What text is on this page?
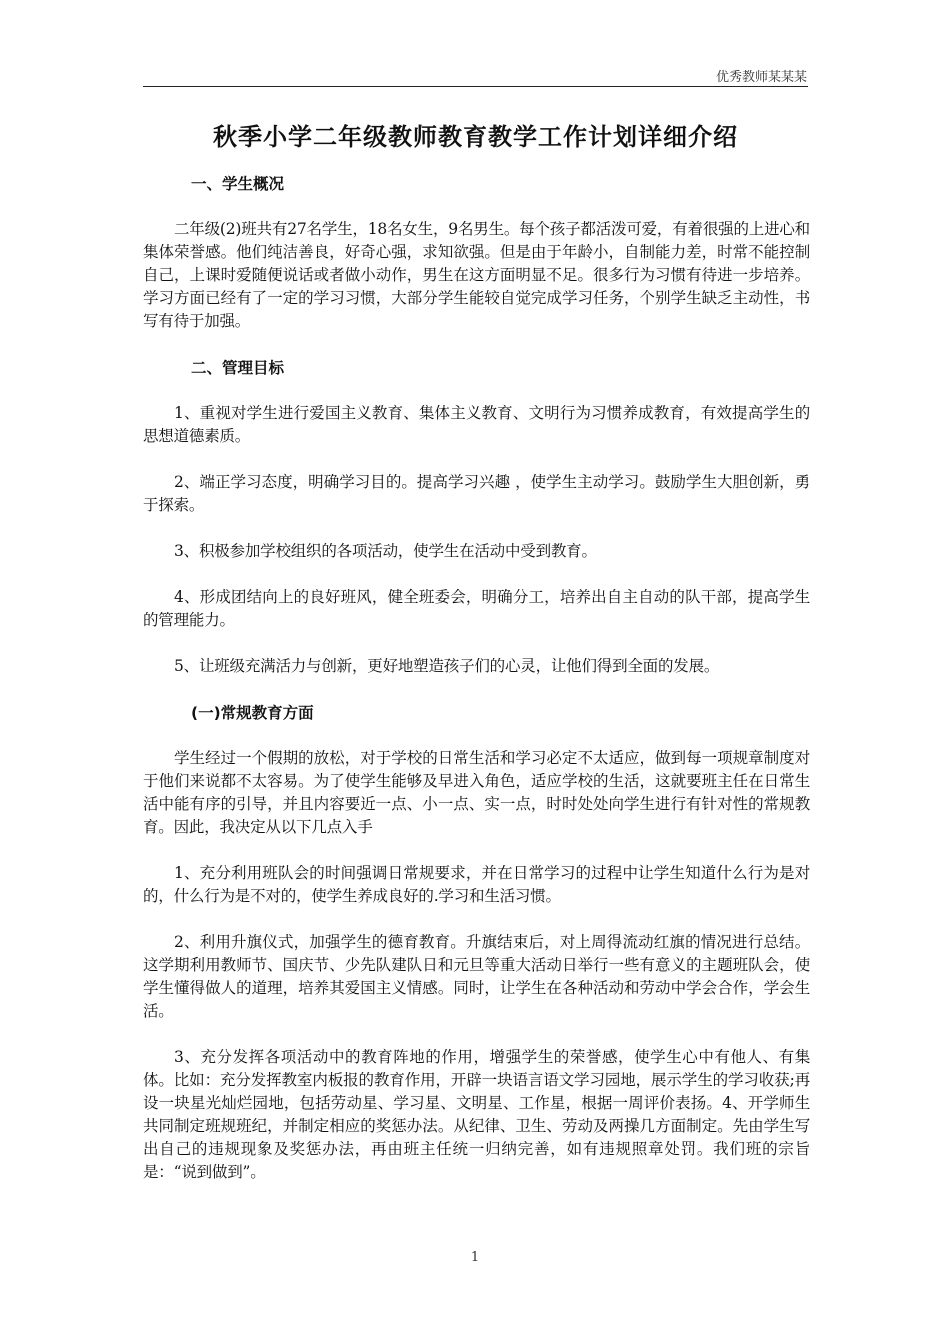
优秀教师某某某
秋季小学二年级教师教育教学工作计划详细介绍
一、学生概况

二年级(2)班共有27名学生，18名女生，9名男生。每个孩子都活泼可爱，有着很强的上进心和集体荣誉感。他们纯洁善良，好奇心强，求知欲强。但是由于年龄小，自制能力差，时常不能控制自己，上课时爱随便说话或者做小动作，男生在这方面明显不足。很多行为习惯有待进一步培养。学习方面已经有了一定的学习习惯，大部分学生能较自觉完成学习任务，个别学生缺乏主动性，书写有待于加强。

二、管理目标

1、重视对学生进行爱国主义教育、集体主义教育、文明行为习惯养成教育，有效提高学生的思想道德素质。

2、端正学习态度，明确学习目的。提高学习兴趣 ，使学生主动学习。鼓励学生大胆创新，勇于探索。

3、积极参加学校组织的各项活动，使学生在活动中受到教育。

4、形成团结向上的良好班风，健全班委会，明确分工，培养出自主自动的队干部，提高学生的管理能力。

5、让班级充满活力与创新，更好地塑造孩子们的心灵，让他们得到全面的发展。

(一)常规教育方面

学生经过一个假期的放松，对于学校的日常生活和学习必定不太适应，做到每一项规章制度对于他们来说都不太容易。为了使学生能够及早进入角色，适应学校的生活，这就要班主任在日常生活中能有序的引导，并且内容要近一点、小一点、实一点，时时处处向学生进行有针对性的常规教育。因此，我决定从以下几点入手

1、充分利用班队会的时间强调日常规要求，并在日常学习的过程中让学生知道什么行为是对的，什么行为是不对的，使学生养成良好的.学习和生活习惯。

2、利用升旗仪式，加强学生的德育教育。升旗结束后，对上周得流动红旗的情况进行总结。这学期利用教师节、国庆节、少先队建队日和元旦等重大活动日举行一些有意义的主题班队会，使学生懂得做人的道理，培养其爱国主义情感。同时，让学生在各种活动和劳动中学会合作，学会生活。

3、充分发挥各项活动中的教育阵地的作用，增强学生的荣誉感，使学生心中有他人、有集体。比如：充分发挥教室内板报的教育作用，开辟一块语言语文学习园地，展示学生的学习收获;再设一块星光灿烂园地，包括劳动星、学习星、文明星、工作星，根据一周评价表扬。4、开学师生共同制定班规班纪，并制定相应的奖惩办法。从纪律、卫生、劳动及两操几方面制定。先由学生写出自己的违规现象及奖惩办法，再由班主任统一归纳完善，如有违规照章处罚。我们班的宗旨是：“说到做到”。

1
